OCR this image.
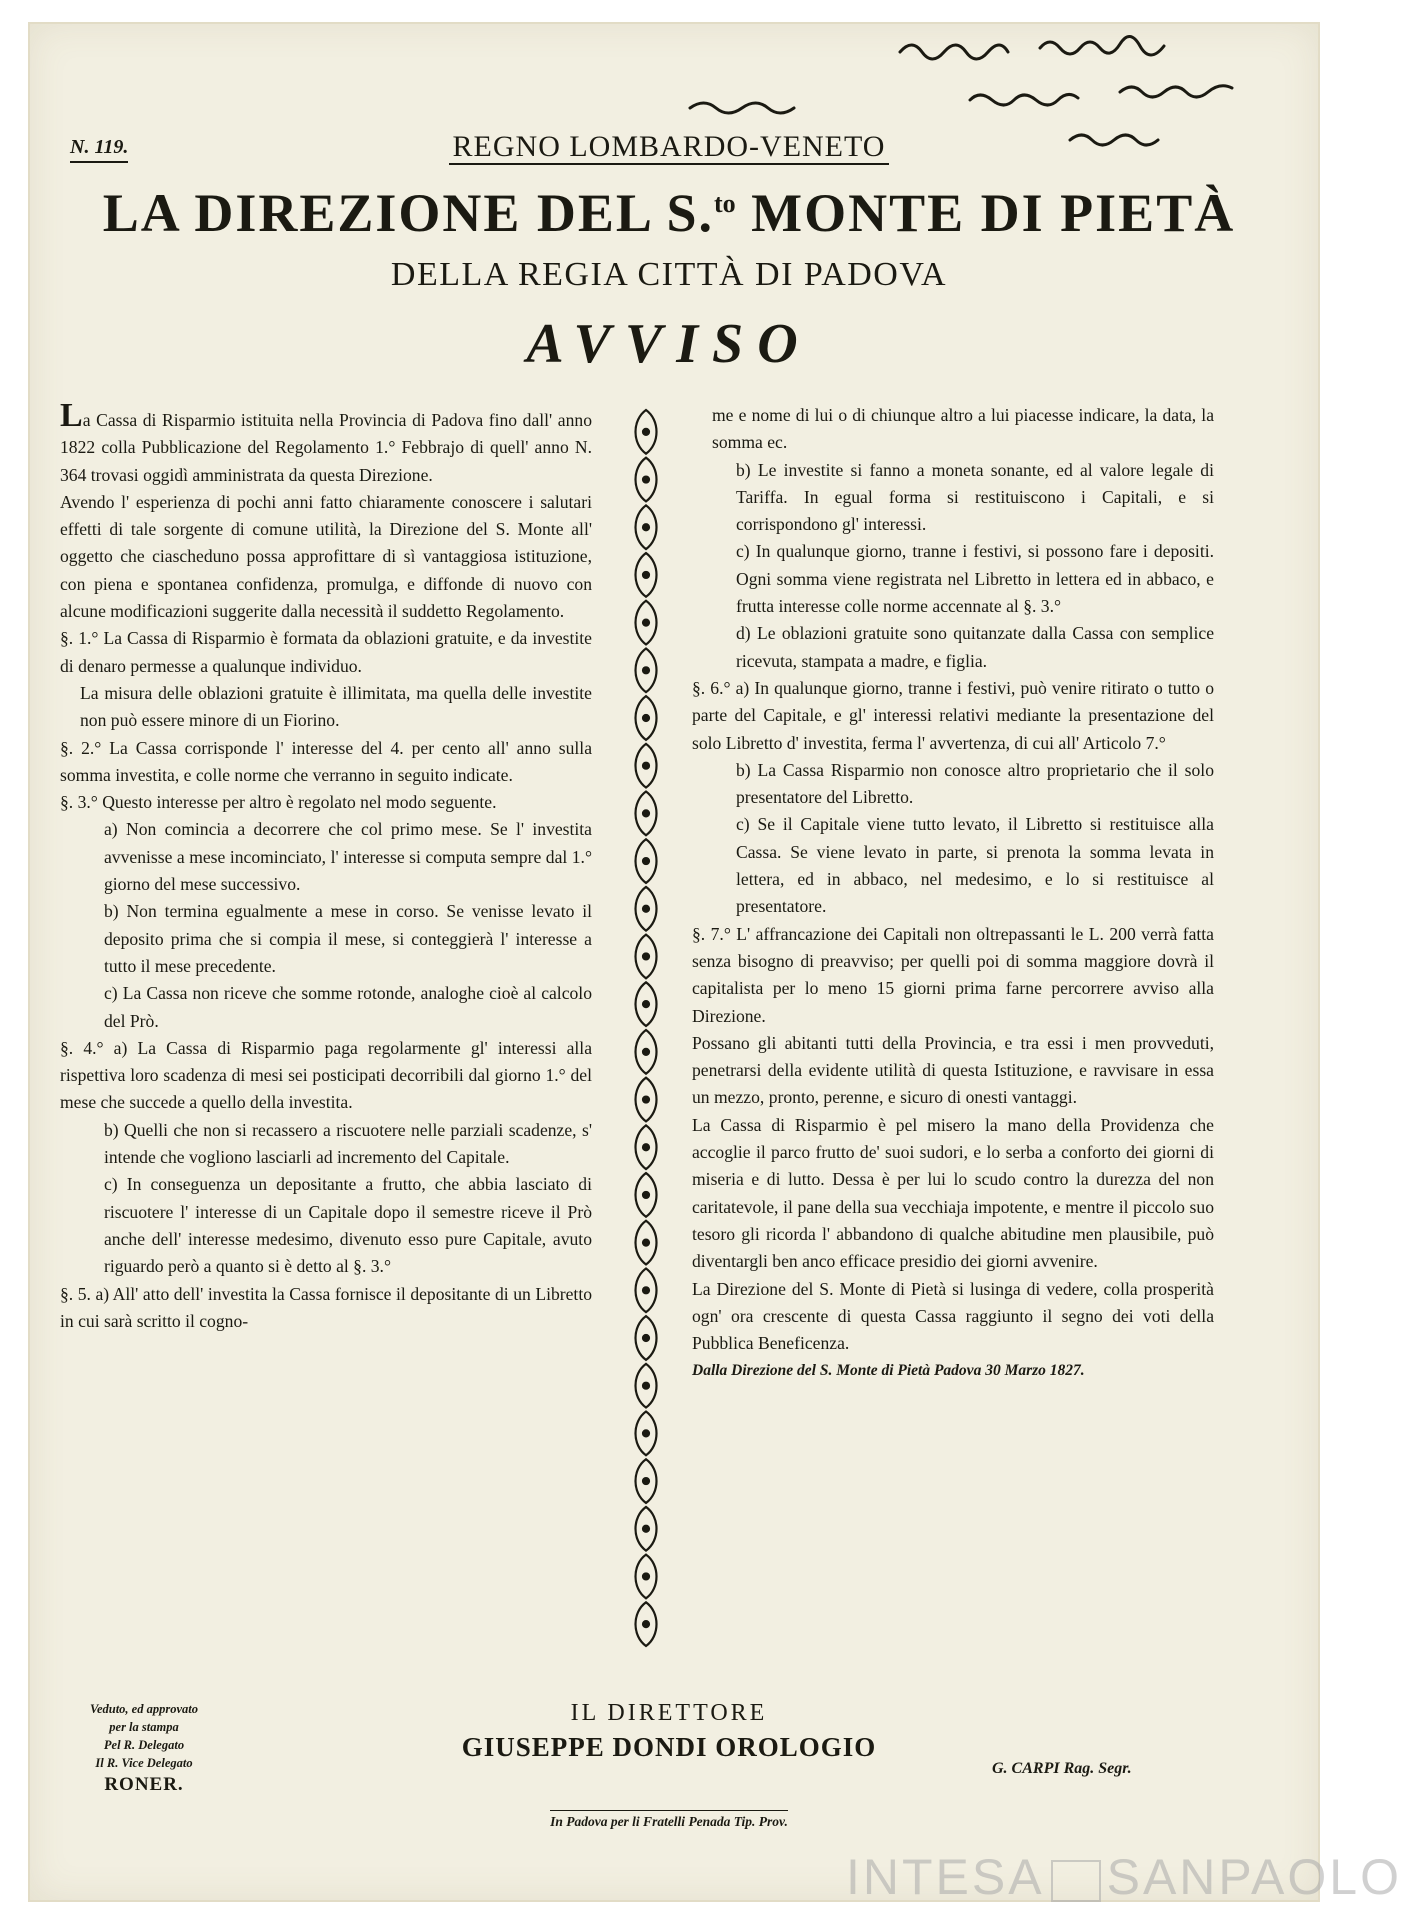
N. 119.	REGNO LOMBARDO-VENETO
LA DIREZIONE DEL S.$^{to}$ MONTE DI PIETÀ
DELLA REGIA CITTÀ DI PADOVA
AVVISO

La Cassa di Risparmio istituita nella Provincia di Padova fino dall' anno 1822 colla Pubblicazione del Regolamento 1.° Febbrajo di quell' anno N. 364 trovasi oggidì amministrata da questa Direzione.

Avendo l' esperienza di pochi anni fatto chiaramente conoscere i salutari effetti di tale sorgente di comune utilità, la Direzione del S. Monte all' oggetto che ciascheduno possa approfittare di sì vantaggiosa istituzione, con piena e spontanea confidenza, promulga, e diffonde di nuovo con alcune modificazioni suggerite dalla necessità il suddetto Regolamento.

§. 1.° La Cassa di Risparmio è formata da oblazioni gratuite, e da investite di denaro permesse a qualunque individuo.

La misura delle oblazioni gratuite è illimitata, ma quella delle investite non può essere minore di un Fiorino.

§. 2.° La Cassa corrisponde l' interesse del 4. per cento all' anno sulla somma investita, e colle norme che verranno in seguito indicate.

§. 3.° Questo interesse per altro è regolato nel modo seguente.

a) Non comincia a decorrere che col primo mese. Se l' investita avvenisse a mese incominciato, l' interesse si computa sempre dal 1.° giorno del mese successivo.

b) Non termina egualmente a mese in corso. Se venisse levato il deposito prima che si compia il mese, si conteggierà l' interesse a tutto il mese precedente.

c) La Cassa non riceve che somme rotonde, analoghe cioè al calcolo del Prò.

§. 4.° a) La Cassa di Risparmio paga regolarmente gl' interessi alla rispettiva loro scadenza di mesi sei posticipati decorribili dal giorno 1.° del mese che succede a quello della investita.

b) Quelli che non si recassero a riscuotere nelle parziali scadenze, s' intende che vogliono lasciarli ad incremento del Capitale.

c) In conseguenza un depositante a frutto, che abbia lasciato di riscuotere l' interesse di un Capitale dopo il semestre riceve il Prò anche dell' interesse medesimo, divenuto esso pure Capitale, avuto riguardo però a quanto si è detto al §. 3.°

§. 5. a) All' atto dell' investita la Cassa fornisce il depositante di un Libretto in cui sarà scritto il cogno-

me e nome di lui o di chiunque altro a lui piacesse indicare, la data, la somma ec.

b) Le investite si fanno a moneta sonante, ed al valore legale di Tariffa. In egual forma si restituiscono i Capitali, e si corrispondono gl' interessi.

c) In qualunque giorno, tranne i festivi, si possono fare i depositi. Ogni somma viene registrata nel Libretto in lettera ed in abbaco, e frutta interesse colle norme accennate al §. 3.°

d) Le oblazioni gratuite sono quitanzate dalla Cassa con semplice ricevuta, stampata a madre, e figlia.

§. 6.° a) In qualunque giorno, tranne i festivi, può venire ritirato o tutto o parte del Capitale, e gl' interessi relativi mediante la presentazione del solo Libretto d' investita, ferma l' avvertenza, di cui all' Articolo 7.°

b) La Cassa Risparmio non conosce altro proprietario che il solo presentatore del Libretto.

c) Se il Capitale viene tutto levato, il Libretto si restituisce alla Cassa. Se viene levato in parte, si prenota la somma levata in lettera, ed in abbaco, nel medesimo, e lo si restituisce al presentatore.

§. 7.° L' affrancazione dei Capitali non oltrepassanti le L. 200 verrà fatta senza bisogno di preavviso; per quelli poi di somma maggiore dovrà il capitalista per lo meno 15 giorni prima farne percorrere avviso alla Direzione.

Possano gli abitanti tutti della Provincia, e tra essi i men provveduti, penetrarsi della evidente utilità di questa Istituzione, e ravvisare in essa un mezzo, pronto, perenne, e sicuro di onesti vantaggi.

La Cassa di Risparmio è pel misero la mano della Providenza che accoglie il parco frutto de' suoi sudori, e lo serba a conforto dei giorni di miseria e di lutto. Dessa è per lui lo scudo contro la durezza del non caritatevole, il pane della sua vecchiaja impotente, e mentre il piccolo suo tesoro gli ricorda l' abbandono di qualche abitudine men plausibile, può diventargli ben anco efficace presidio dei giorni avvenire.

La Direzione del S. Monte di Pietà si lusinga di vedere, colla prosperità ogn' ora crescente di questa Cassa raggiunto il segno dei voti della Pubblica Beneficenza.

Dalla Direzione del S. Monte di Pietà Padova 30 Marzo 1827.

Veduto, ed approvato
per la stampa
Pel R. Delegato
Il R. Vice Delegato
RONER.
IL DIRETTORE
GIUSEPPE DONDI OROLOGIO
G. CARPI Rag. Segr.
In Padova per li Fratelli Penada Tip. Prov.
INTESA SANPAOLO
